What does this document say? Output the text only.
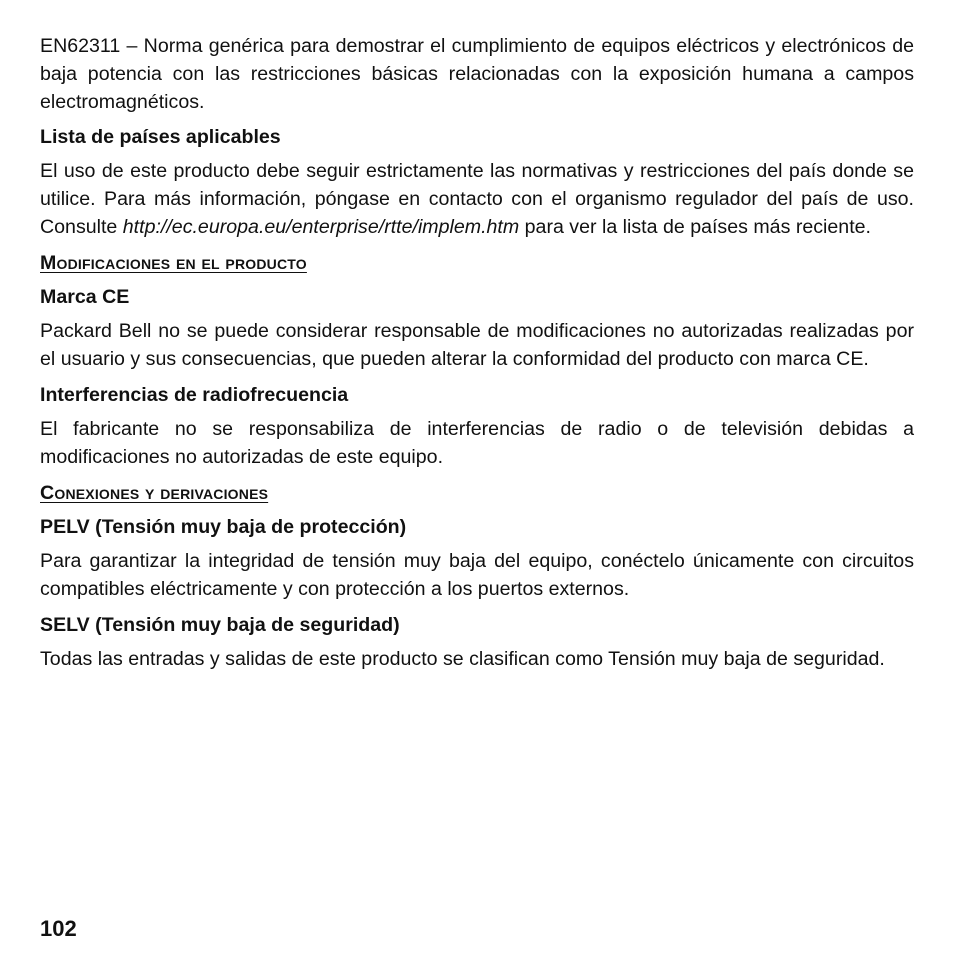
EN62311 – Norma genérica para demostrar el cumplimiento de equipos eléctricos y electrónicos de baja potencia con las restricciones básicas relacionadas con la exposición humana a campos electromagnéticos.

Lista de países aplicables

El uso de este producto debe seguir estrictamente las normativas y restricciones del país donde se utilice. Para más información, póngase en contacto con el organismo regulador del país de uso. Consulte http://ec.europa.eu/enterprise/rtte/implem.htm para ver la lista de países más reciente.

Modificaciones en el producto
Marca CE

Packard Bell no se puede considerar responsable de modificaciones no autorizadas realizadas por el usuario y sus consecuencias, que pueden alterar la conformidad del producto con marca CE.

Interferencias de radiofrecuencia

El fabricante no se responsabiliza de interferencias de radio o de televisión debidas a modificaciones no autorizadas de este equipo.

Conexiones y derivaciones
PELV (Tensión muy baja de protección)

Para garantizar la integridad de tensión muy baja del equipo, conéctelo únicamente con circuitos compatibles eléctricamente y con protección a los puertos externos.

SELV (Tensión muy baja de seguridad)

Todas las entradas y salidas de este producto se clasifican como Tensión muy baja de seguridad.

102
